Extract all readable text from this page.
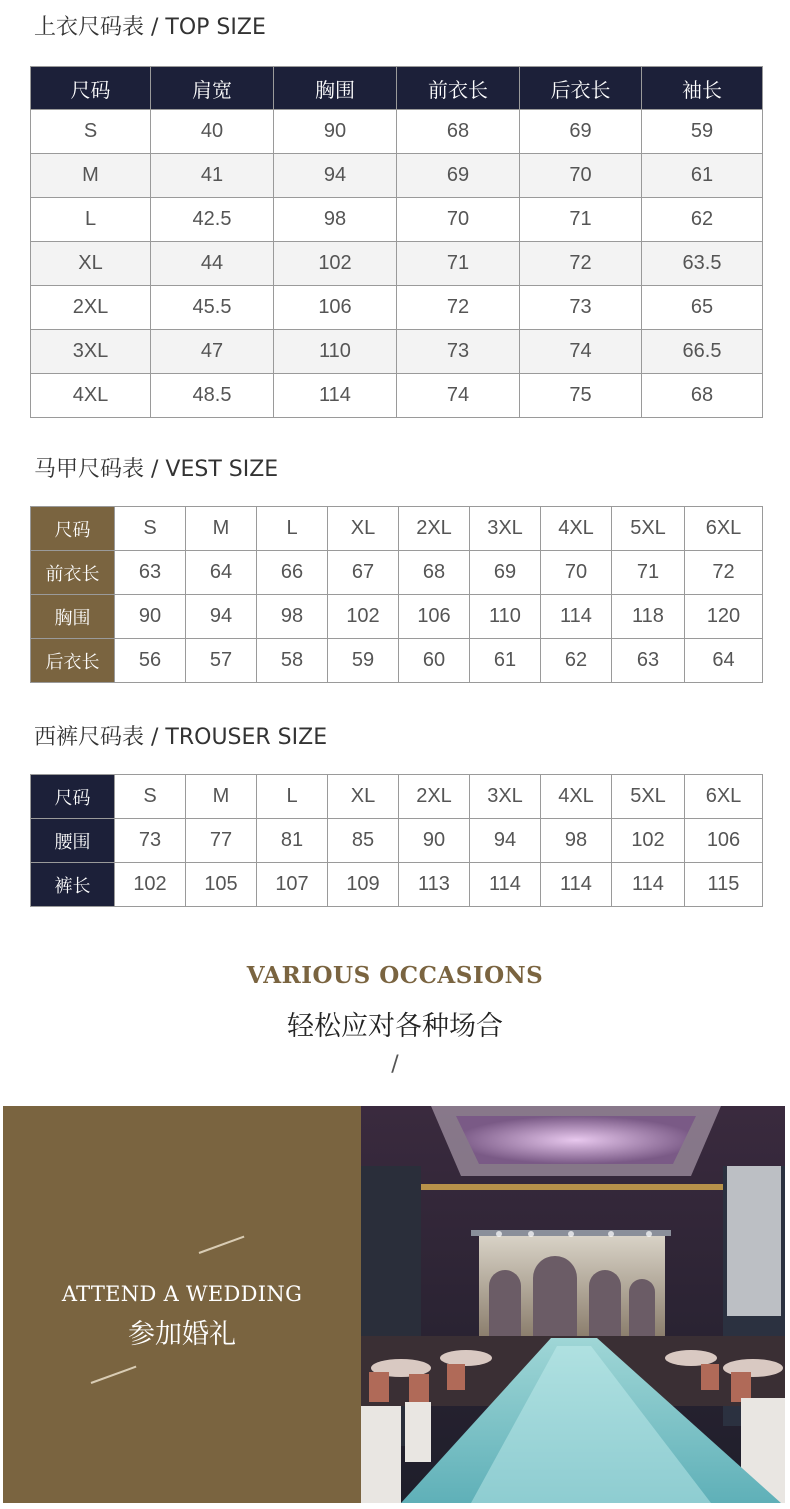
上衣尺码表 / TOP SIZE
尺码	肩宽	胸围	前衣长	后衣长	袖长
S	40	90	68	69	59
M	41	94	69	70	61
L	42.5	98	70	71	62
XL	44	102	71	72	63.5
2XL	45.5	106	72	73	65
3XL	47	110	73	74	66.5
4XL	48.5	114	74	75	68
马甲尺码表 / VEST SIZE
尺码	S	M	L	XL	2XL	3XL	4XL	5XL	6XL
前衣长	63	64	66	67	68	69	70	71	72
胸围	90	94	98	102	106	110	114	118	120
后衣长	56	57	58	59	60	61	62	63	64
西裤尺码表 / TROUSER SIZE
尺码	S	M	L	XL	2XL	3XL	4XL	5XL	6XL
腰围	73	77	81	85	90	94	98	102	106
裤长	102	105	107	109	113	114	114	114	115
VARIOUS OCCASIONS
轻松应对各种场合
/
ATTEND A WEDDING
参加婚礼
